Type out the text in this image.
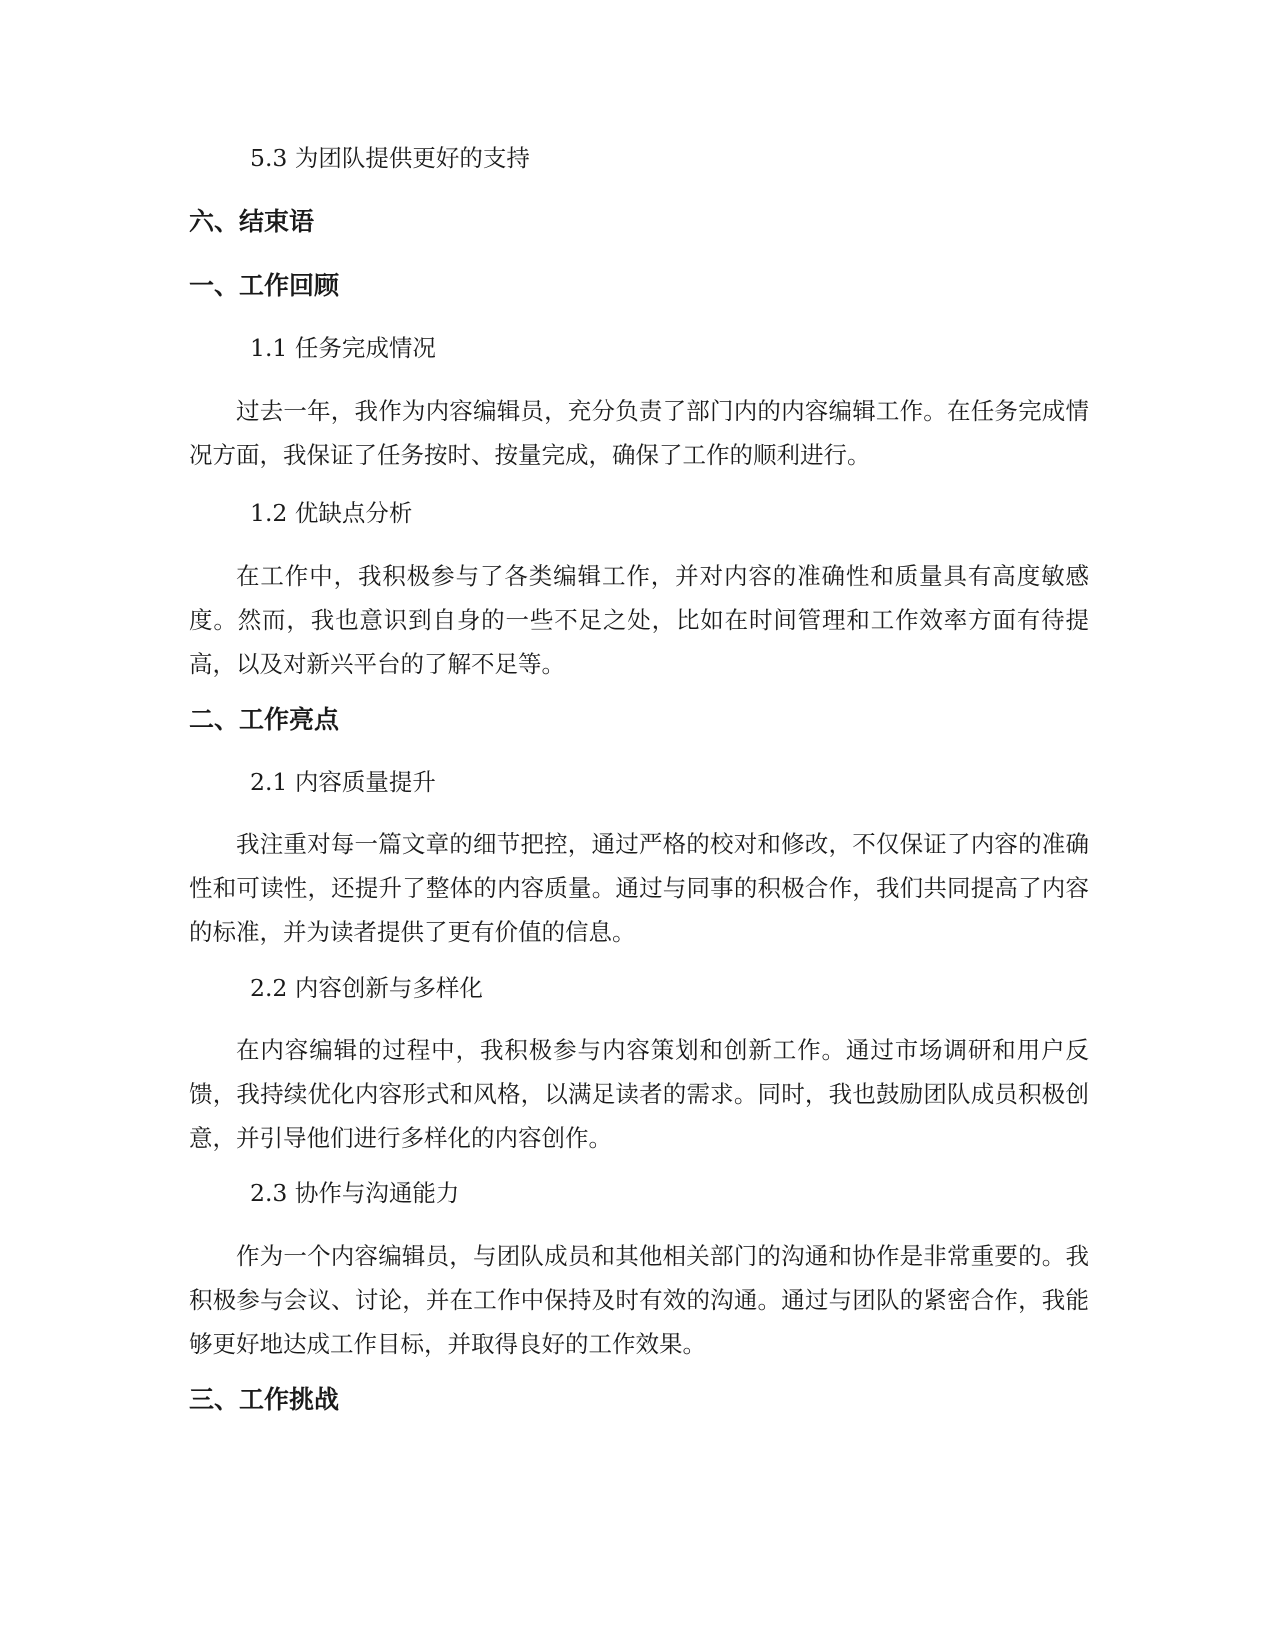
5.3 为团队提供更好的支持

六、结束语

一、工作回顾

1.1 任务完成情况

过去一年，我作为内容编辑员，充分负责了部门内的内容编辑工作。在任务完成情况方面，我保证了任务按时、按量完成，确保了工作的顺利进行。

1.2 优缺点分析

在工作中，我积极参与了各类编辑工作，并对内容的准确性和质量具有高度敏感度。然而，我也意识到自身的一些不足之处，比如在时间管理和工作效率方面有待提高，以及对新兴平台的了解不足等。

二、工作亮点

2.1 内容质量提升

我注重对每一篇文章的细节把控，通过严格的校对和修改，不仅保证了内容的准确性和可读性，还提升了整体的内容质量。通过与同事的积极合作，我们共同提高了内容的标准，并为读者提供了更有价值的信息。

2.2 内容创新与多样化

在内容编辑的过程中，我积极参与内容策划和创新工作。通过市场调研和用户反馈，我持续优化内容形式和风格，以满足读者的需求。同时，我也鼓励团队成员积极创意，并引导他们进行多样化的内容创作。

2.3 协作与沟通能力

作为一个内容编辑员，与团队成员和其他相关部门的沟通和协作是非常重要的。我积极参与会议、讨论，并在工作中保持及时有效的沟通。通过与团队的紧密合作，我能够更好地达成工作目标，并取得良好的工作效果。

三、工作挑战
